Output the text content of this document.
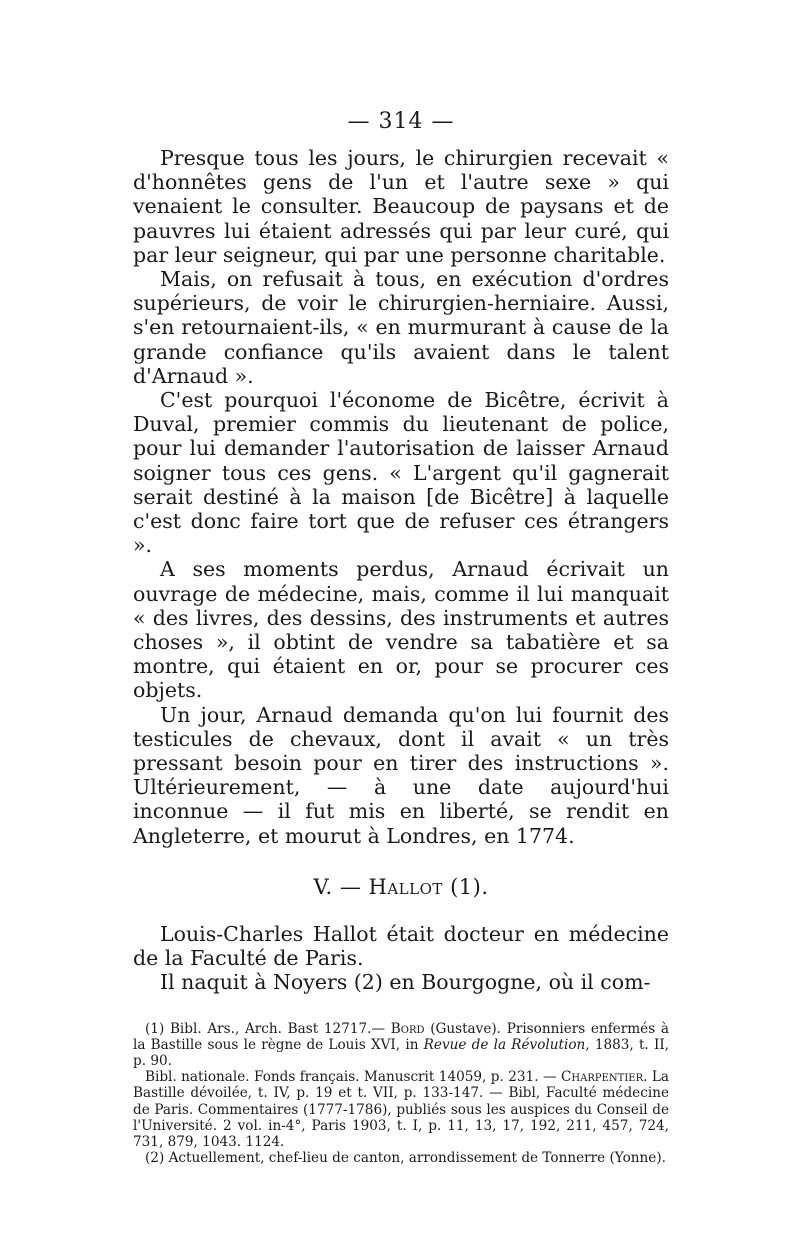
— 314 —

Presque tous les jours, le chirurgien recevait « d'honnêtes gens de l'un et l'autre sexe » qui venaient le consulter. Beaucoup de paysans et de pauvres lui étaient adressés qui par leur curé, qui par leur seigneur, qui par une personne charitable.

Mais, on refusait à tous, en exécution d'ordres supérieurs, de voir le chirurgien-herniaire. Aussi, s'en retournaient-ils, « en murmurant à cause de la grande confiance qu'ils avaient dans le talent d'Arnaud ».

C'est pourquoi l'économe de Bicêtre, écrivit à Duval, premier commis du lieutenant de police, pour lui demander l'autorisation de laisser Arnaud soigner tous ces gens. « L'argent qu'il gagnerait serait destiné à la maison [de Bicêtre] à laquelle c'est donc faire tort que de refuser ces étrangers ».

A ses moments perdus, Arnaud écrivait un ouvrage de médecine, mais, comme il lui manquait « des livres, des dessins, des instruments et autres choses », il obtint de vendre sa tabatière et sa montre, qui étaient en or, pour se procurer ces objets.

Un jour, Arnaud demanda qu'on lui fournit des testicules de chevaux, dont il avait « un très pressant besoin pour en tirer des instructions ». Ultérieurement, — à une date aujourd'hui inconnue — il fut mis en liberté, se rendit en Angleterre, et mourut à Londres, en 1774.

V. — Hallot (1).

Louis-Charles Hallot était docteur en médecine de la Faculté de Paris.

Il naquit à Noyers (2) en Bourgogne, où il com-

(1) Bibl. Ars., Arch. Bast 12717.— Bord (Gustave). Prisonniers enfermés à la Bastille sous le règne de Louis XVI, in Revue de la Révolution, 1883, t. II, p. 90.

Bibl. nationale. Fonds français. Manuscrit 14059, p. 231. — Charpentier. La Bastille dévoilée, t. IV, p. 19 et t. VII, p. 133-147. — Bibl, Faculté médecine de Paris. Commentaires (1777-1786), publiés sous les auspices du Conseil de l'Université. 2 vol. in-4°, Paris 1903, t. I, p. 11, 13, 17, 192, 211, 457, 724, 731, 879, 1043. 1124.

(2) Actuellement, chef-lieu de canton, arrondissement de Tonnerre (Yonne).
